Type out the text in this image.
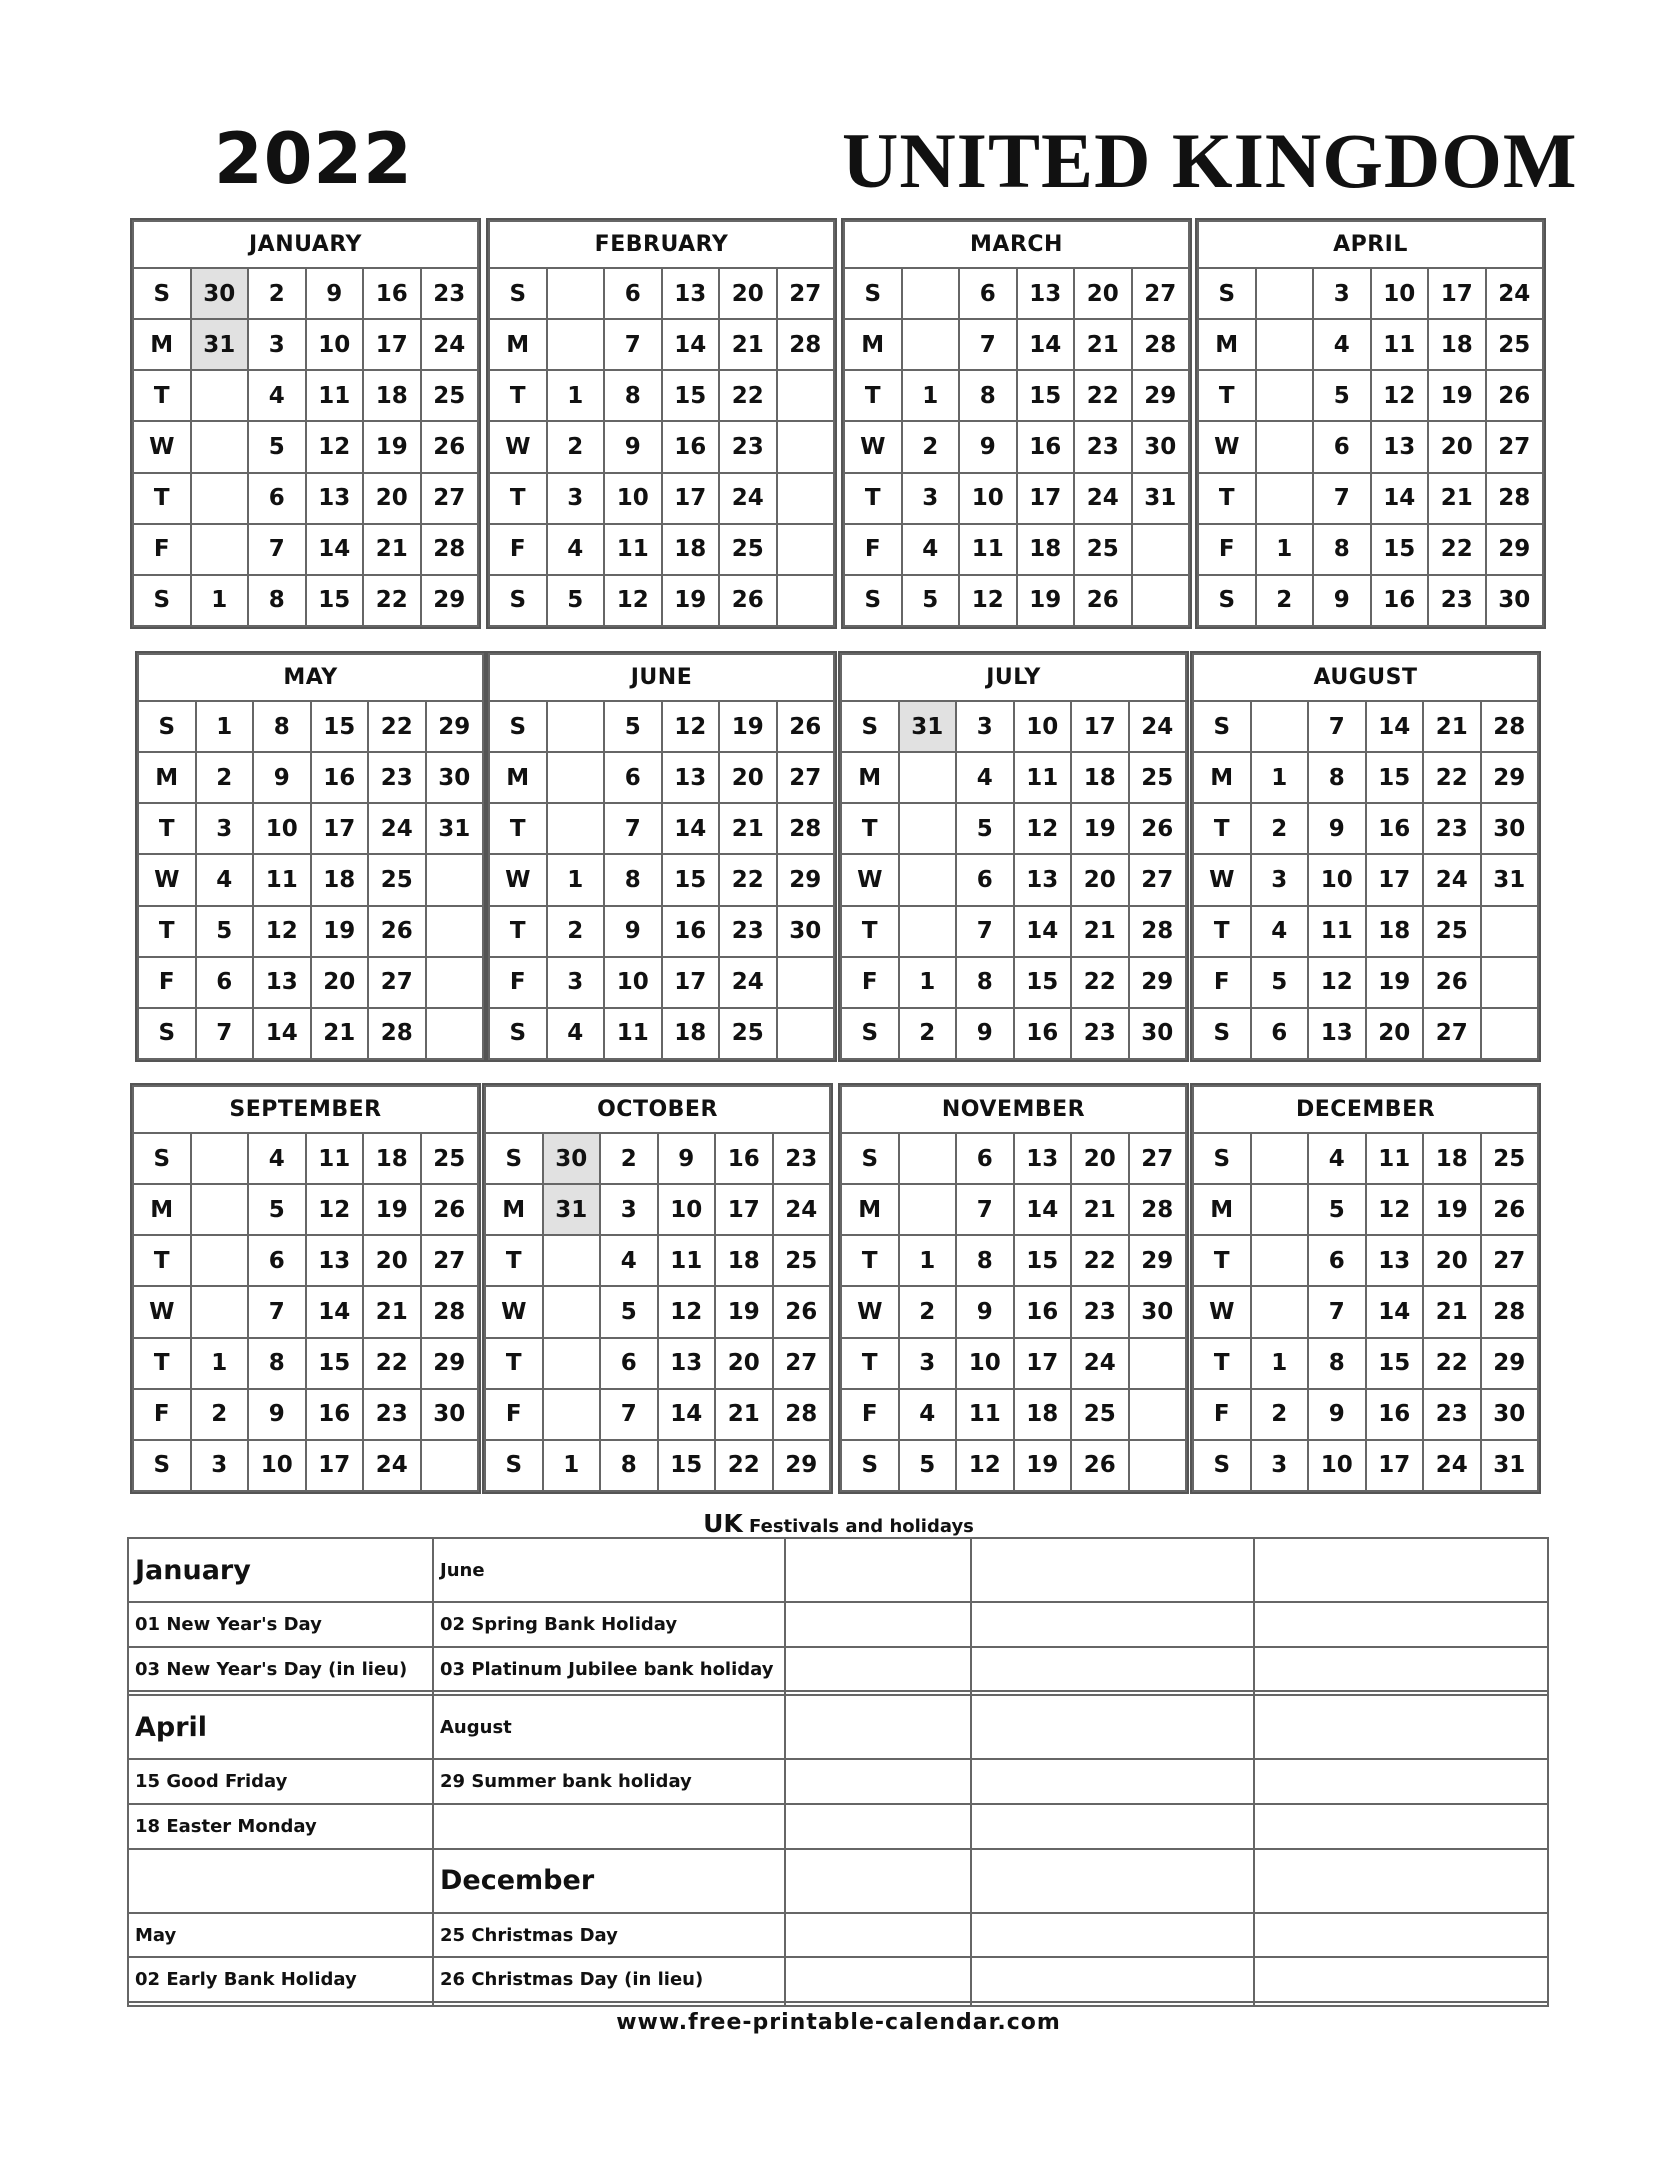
2022	UNITED KINGDOM
JANUARY					
S	30	2	9	16	23
M	31	3	10	17	24
T		4	11	18	25
W		5	12	19	26
T		6	13	20	27
F		7	14	21	28
S	1	8	15	22	29
FEBRUARY					
S		6	13	20	27
M		7	14	21	28
T	1	8	15	22	
W	2	9	16	23	
T	3	10	17	24	
F	4	11	18	25	
S	5	12	19	26	
MARCH					
S		6	13	20	27
M		7	14	21	28
T	1	8	15	22	29
W	2	9	16	23	30
T	3	10	17	24	31
F	4	11	18	25	
S	5	12	19	26	
APRIL					
S		3	10	17	24
M		4	11	18	25
T		5	12	19	26
W		6	13	20	27
T		7	14	21	28
F	1	8	15	22	29
S	2	9	16	23	30
MAY					
S	1	8	15	22	29
M	2	9	16	23	30
T	3	10	17	24	31
W	4	11	18	25	
T	5	12	19	26	
F	6	13	20	27	
S	7	14	21	28	
JUNE					
S		5	12	19	26
M		6	13	20	27
T		7	14	21	28
W	1	8	15	22	29
T	2	9	16	23	30
F	3	10	17	24	
S	4	11	18	25	
JULY					
S	31	3	10	17	24
M		4	11	18	25
T		5	12	19	26
W		6	13	20	27
T		7	14	21	28
F	1	8	15	22	29
S	2	9	16	23	30
AUGUST					
S		7	14	21	28
M	1	8	15	22	29
T	2	9	16	23	30
W	3	10	17	24	31
T	4	11	18	25	
F	5	12	19	26	
S	6	13	20	27	
SEPTEMBER					
S		4	11	18	25
M		5	12	19	26
T		6	13	20	27
W		7	14	21	28
T	1	8	15	22	29
F	2	9	16	23	30
S	3	10	17	24	
OCTOBER					
S	30	2	9	16	23
M	31	3	10	17	24
T		4	11	18	25
W		5	12	19	26
T		6	13	20	27
F		7	14	21	28
S	1	8	15	22	29
NOVEMBER					
S		6	13	20	27
M		7	14	21	28
T	1	8	15	22	29
W	2	9	16	23	30
T	3	10	17	24	
F	4	11	18	25	
S	5	12	19	26	
DECEMBER					
S		4	11	18	25
M		5	12	19	26
T		6	13	20	27
W		7	14	21	28
T	1	8	15	22	29
F	2	9	16	23	30
S	3	10	17	24	31
UK Festivals and holidays
January	June			
01 New Year's Day	02 Spring Bank Holiday			
03 New Year's Day (in lieu)	03 Platinum Jubilee bank holiday			

April	August			
15 Good Friday	29 Summer bank holiday			
18 Easter Monday				
	December			
May	25 Christmas Day			
02 Early Bank Holiday	26 Christmas Day (in lieu)			

www.free-printable-calendar.com
